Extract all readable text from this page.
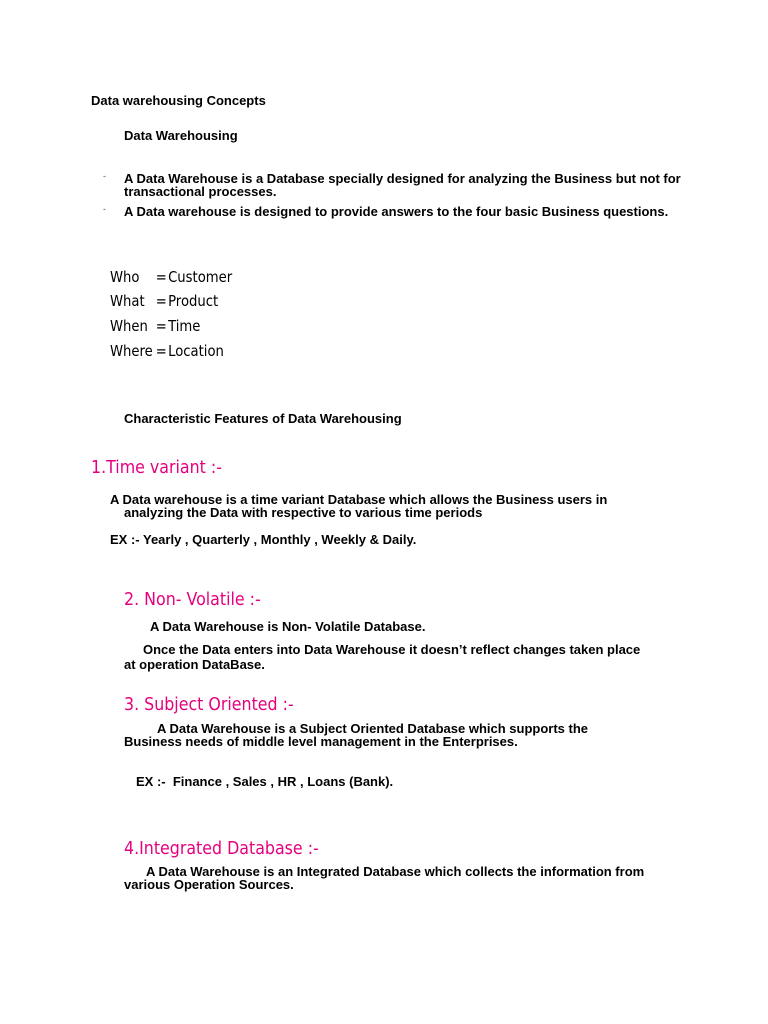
Data warehousing Concepts
Data Warehousing
- A Data Warehouse is a Database specially designed for analyzing the Business but not for transactional processes.
- A Data warehouse is designed to provide answers to the four basic Business questions.
Who =Customer
What =Product
When =Time
Where =Location
Characteristic Features of Data Warehousing
1.Time variant :-
A Data warehouse is a time variant Database which allows the Business users in
analyzing the Data with respective to various time periods
EX :- Yearly , Quarterly , Monthly , Weekly & Daily.
2. Non- Volatile :-
A Data Warehouse is Non- Volatile Database.
Once the Data enters into Data Warehouse it doesn’t reflect changes taken place
at operation DataBase.
3. Subject Oriented :-
A Data Warehouse is a Subject Oriented Database which supports the
Business needs of middle level management in the Enterprises.
EX :-  Finance , Sales , HR , Loans (Bank).
4.Integrated Database :-
A Data Warehouse is an Integrated Database which collects the information from
various Operation Sources.
